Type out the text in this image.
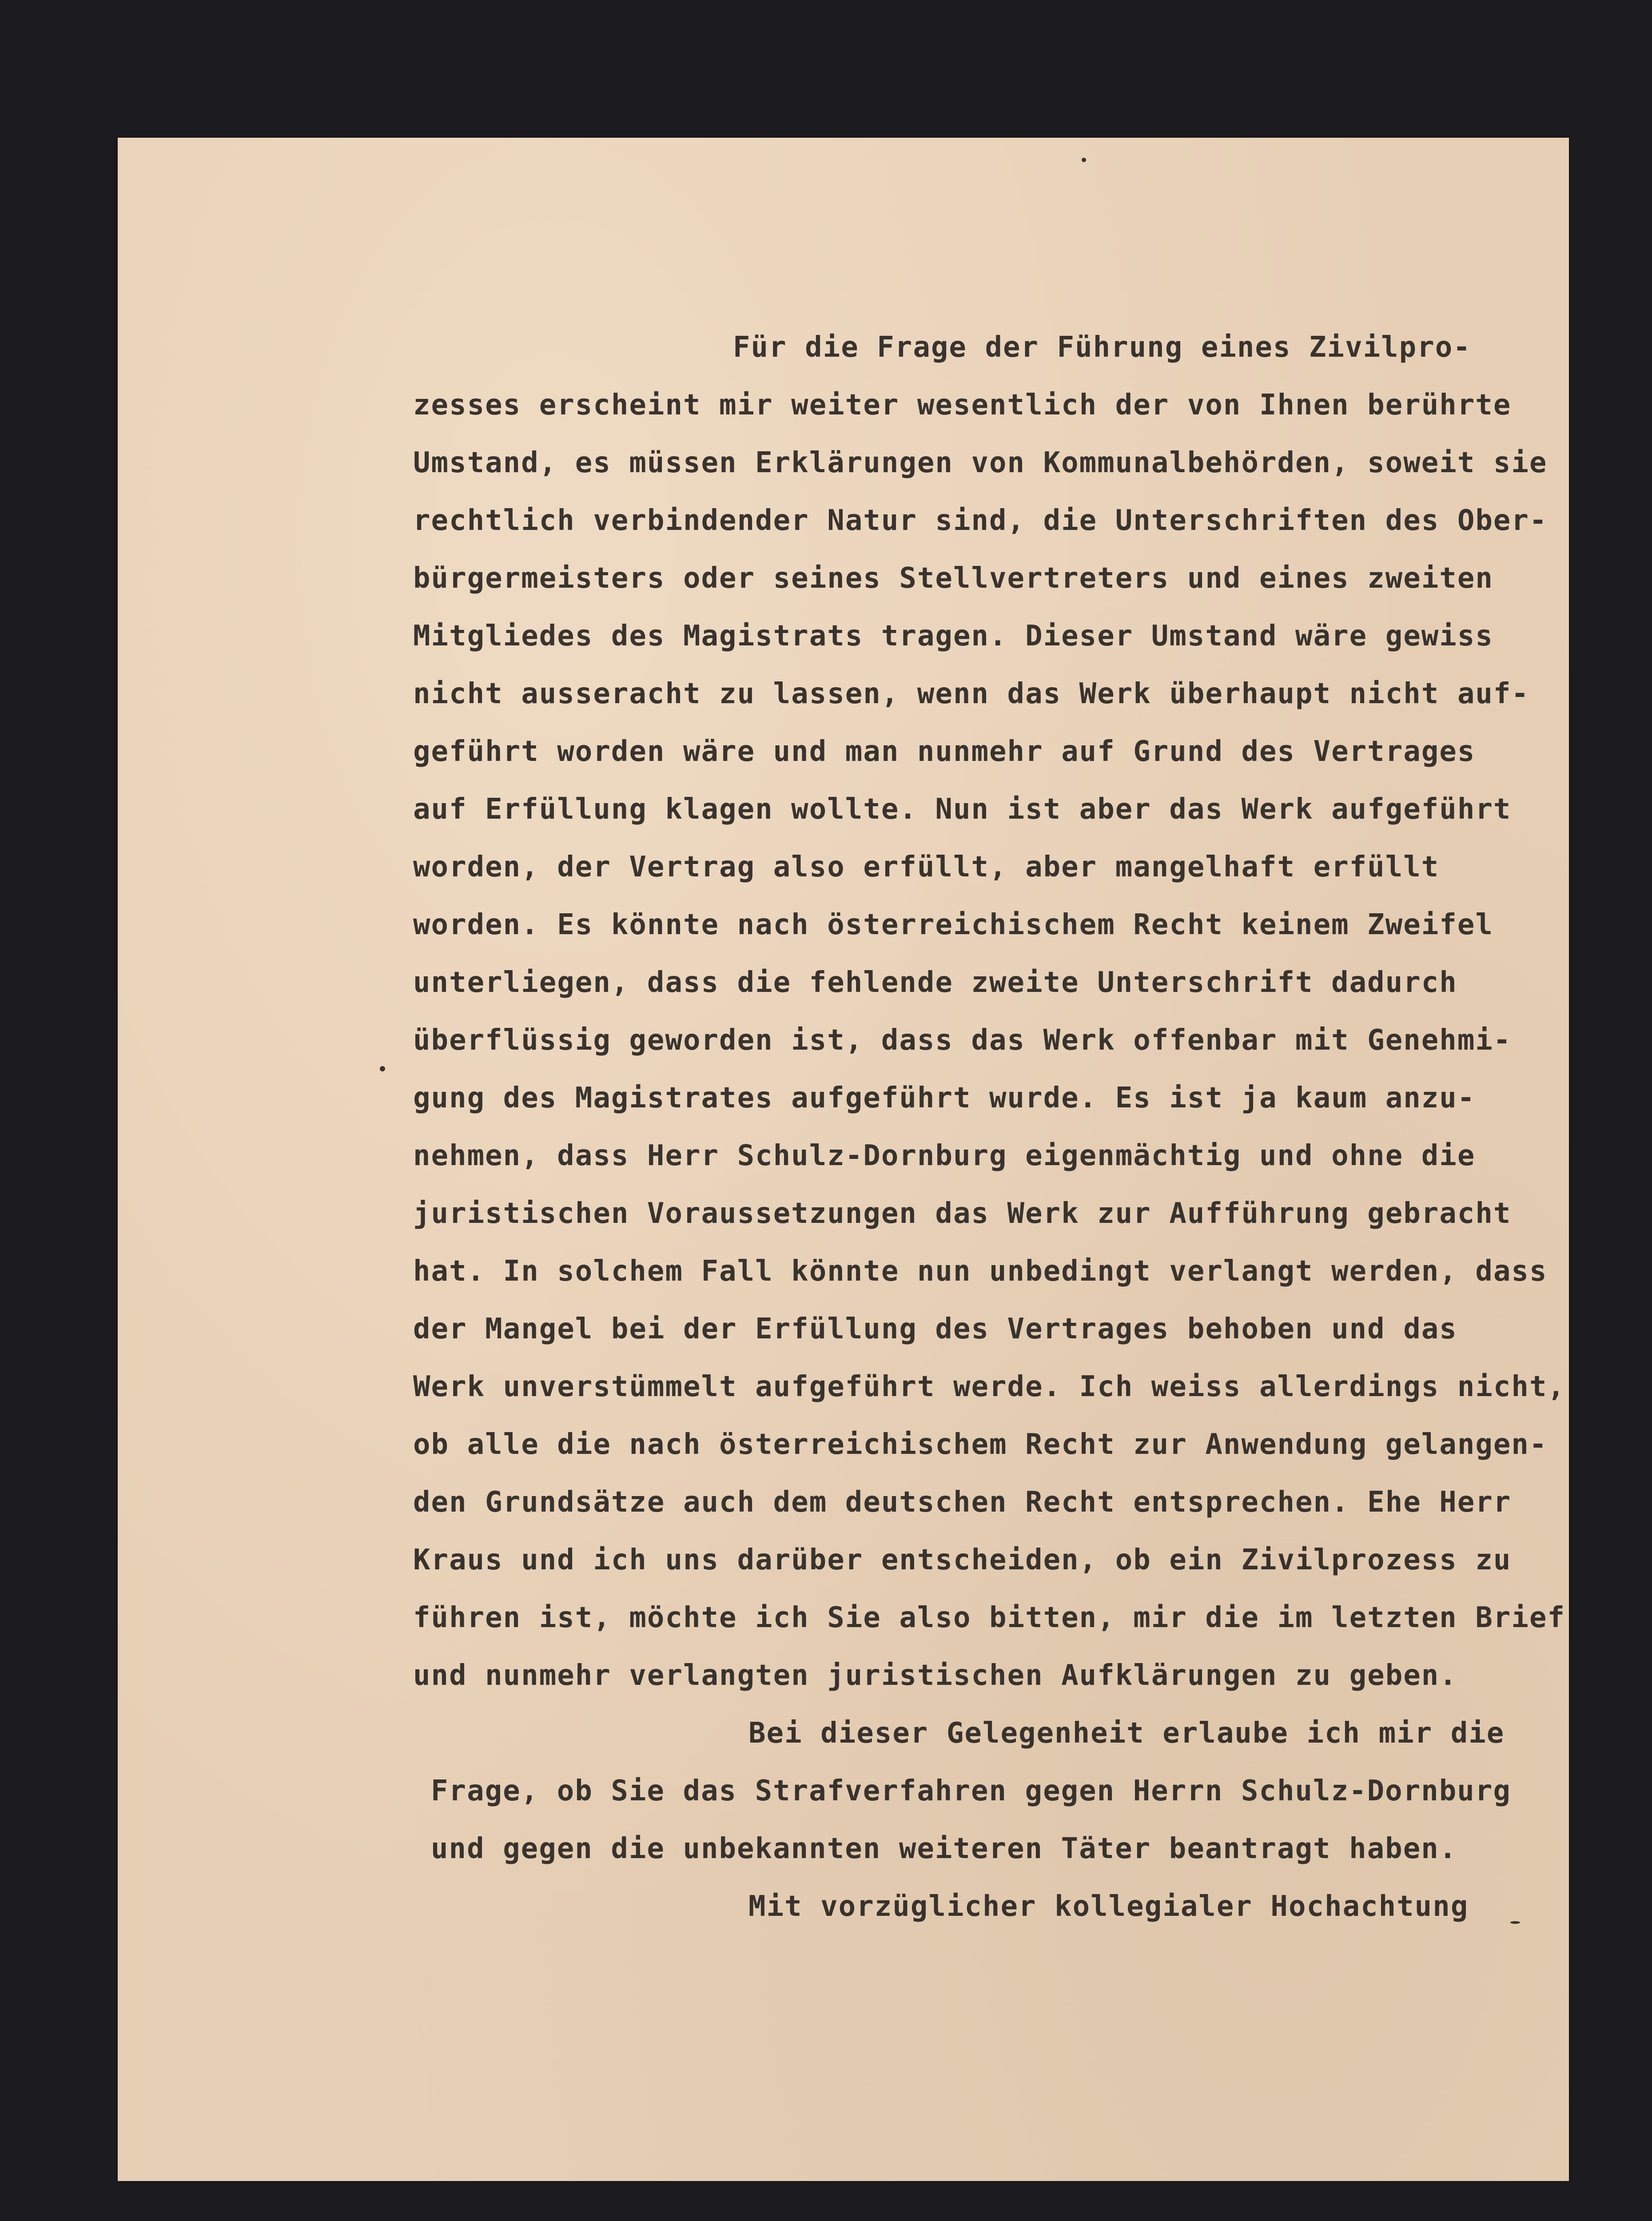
Für die Frage der Führung eines Zivilpro-
zesses erscheint mir weiter wesentlich der von Ihnen berührte
Umstand, es müssen Erklärungen von Kommunalbehörden, soweit sie
rechtlich verbindender Natur sind, die Unterschriften des Ober-
bürgermeisters oder seines Stellvertreters und eines zweiten
Mitgliedes des Magistrats tragen. Dieser Umstand wäre gewiss
nicht ausseracht zu lassen, wenn das Werk überhaupt nicht auf-
geführt worden wäre und man nunmehr auf Grund des Vertrages
auf Erfüllung klagen wollte. Nun ist aber das Werk aufgeführt
worden, der Vertrag also erfüllt, aber mangelhaft erfüllt
worden. Es könnte nach österreichischem Recht keinem Zweifel
unterliegen, dass die fehlende zweite Unterschrift dadurch
überflüssig geworden ist, dass das Werk offenbar mit Genehmi-
gung des Magistrates aufgeführt wurde. Es ist ja kaum anzu-
nehmen, dass Herr Schulz-Dornburg eigenmächtig und ohne die
juristischen Voraussetzungen das Werk zur Aufführung gebracht
hat. In solchem Fall könnte nun unbedingt verlangt werden, dass
der Mangel bei der Erfüllung des Vertrages behoben und das
Werk unverstümmelt aufgeführt werde. Ich weiss allerdings nicht,
ob alle die nach österreichischem Recht zur Anwendung gelangen-
den Grundsätze auch dem deutschen Recht entsprechen. Ehe Herr
Kraus und ich uns darüber entscheiden, ob ein Zivilprozess zu
führen ist, möchte ich Sie also bitten, mir die im letzten Brief
und nunmehr verlangten juristischen Aufklärungen zu geben.
Bei dieser Gelegenheit erlaube ich mir die
Frage, ob Sie das Strafverfahren gegen Herrn Schulz-Dornburg
und gegen die unbekannten weiteren Täter beantragt haben.
Mit vorzüglicher kollegialer Hochachtung
